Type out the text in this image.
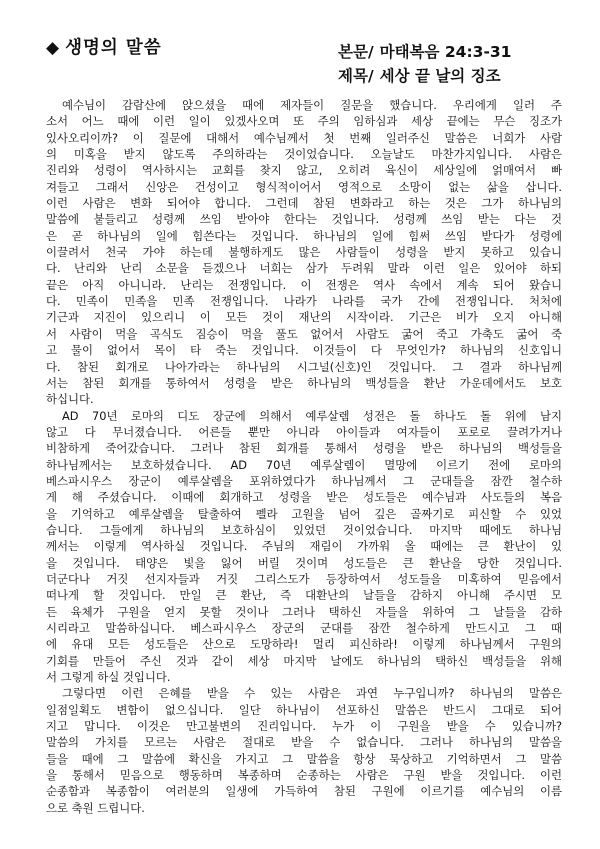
◆ 생명의 말씀	본문/ 마태복음 24:3-31
제목/ 세상 끝 날의 징조
예수님이 감람산에 앉으셨을 때에 제자들이 질문을 했습니다. 우리에게 일러 주
소서 어느 때에 이런 일이 있겠사오며 또 주의 임하심과 세상 끝에는 무슨 징조가
있사오리이까? 이 질문에 대해서 예수님께서 첫 번째 일러주신 말씀은 너희가 사람
의 미혹을 받지 않도록 주의하라는 것이었습니다. 오늘날도 마찬가지입니다. 사람은
진리와 성령이 역사하시는 교회를 찾지 않고, 오히려 육신이 세상일에 얽매여서 빠
져들고 그래서 신앙은 건성이고 형식적이어서 영적으로 소망이 없는 삶을 삽니다.
이런 사람은 변화 되어야 합니다. 그런데 참된 변화라고 하는 것은 그가 하나님의
말씀에 붙들리고 성령께 쓰임 받아야 한다는 것입니다. 성령께 쓰임 받는 다는 것
은 곧 하나님의 일에 힘쓴다는 것입니다. 하나님의 일에 힘써 쓰임 받다가 성령에
이끌려서 천국 가야 하는데 불행하게도 많은 사람들이 성령을 받지 못하고 있습니
다. 난리와 난리 소문을 듣겠으나 너희는 삼가 두려워 말라 이런 일은 있어야 하되
끝은 아직 아니니라. 난리는 전쟁입니다. 이 전쟁은 역사 속에서 계속 되어 왔습니
다. 민족이 민족을 민족 전쟁입니다. 나라가 나라를 국가 간에 전쟁입니다. 처처에
기근과 지진이 있으리니 이 모든 것이 재난의 시작이라. 기근은 비가 오지 아니해
서 사람이 먹을 곡식도 짐승이 먹을 풀도 없어서 사람도 굶어 죽고 가축도 굶어 죽
고 물이 없어서 목이 타 죽는 것입니다. 이것들이 다 무엇인가? 하나님의 신호입니
다. 참된 회개로 나아가라는 하나님의 시그널(신호)인 것입니다. 그 결과 하나님께
서는 참된 회개를 통하여서 성령을 받은 하나님의 백성들을 환난 가운데에서도 보호
하십니다.
AD 70년 로마의 디도 장군에 의해서 예루살렘 성전은 돌 하나도 돌 위에 남지
않고 다 무너졌습니다. 어른들 뿐만 아니라 아이들과 여자들이 포로로 끌려가거나
비참하게 죽어갔습니다. 그러나 참된 회개를 통해서 성령을 받은 하나님의 백성들을
하나님께서는 보호하셨습니다. AD 70년 예루살렘이 멸망에 이르기 전에 로마의
베스파시우스 장군이 예루살렘을 포위하였다가 하나님께서 그 군대들을 잠깐 철수하
게 해 주셨습니다. 이때에 회개하고 성령을 받은 성도들은 예수님과 사도들의 복음
을 기억하고 예루살렘을 탈출하여 펠라 고원을 넘어 깊은 골짜기로 피신할 수 있었
습니다. 그들에게 하나님의 보호하심이 있었던 것이었습니다. 마지막 때에도 하나님
께서는 이렇게 역사하실 것입니다. 주님의 재림이 가까워 올 때에는 큰 환난이 있
을 것입니다. 태양은 빛을 잃어 버릴 것이며 성도들은 큰 환난을 당한 것입니다.
더군다나 거짓 선지자들과 거짓 그리스도가 등장하여서 성도들을 미혹하여 믿음에서
떠나게 할 것입니다. 만일 큰 환난, 즉 대환난의 날들을 감하지 아니해 주시면 모
든 육체가 구원을 얻지 못할 것이나 그러나 택하신 자들을 위하여 그 날들을 감하
시리라고 말씀하십니다. 베스파시우스 장군의 군대를 잠깐 철수하게 만드시고 그 때
에 유대 모든 성도들은 산으로 도망하라! 멀리 피신하라! 이렇게 하나님께서 구원의
기회를 만들어 주신 것과 같이 세상 마지막 날에도 하나님의 택하신 백성들을 위해
서 그렇게 하실 것입니다.
그렇다면 이런 은혜를 받을 수 있는 사람은 과연 누구입니까? 하나님의 말씀은
일점일획도 변함이 없으십니다. 일단 하나님이 선포하신 말씀은 반드시 그대로 되어
지고 맙니다. 이것은 만고불변의 진리입니다. 누가 이 구원을 받을 수 있습니까?
말씀의 가치를 모르는 사람은 절대로 받을 수 없습니다. 그러나 하나님의 말씀을
들을 때에 그 말씀에 확신을 가지고 그 말씀을 항상 묵상하고 기억하면서 그 말씀
을 통해서 믿음으로 행동하며 복종하며 순종하는 사람은 구원 받을 것입니다. 이런
순종함과 복종함이 여러분의 일생에 가득하여 참된 구원에 이르기를 예수님의 이름
으로 축원 드립니다.
